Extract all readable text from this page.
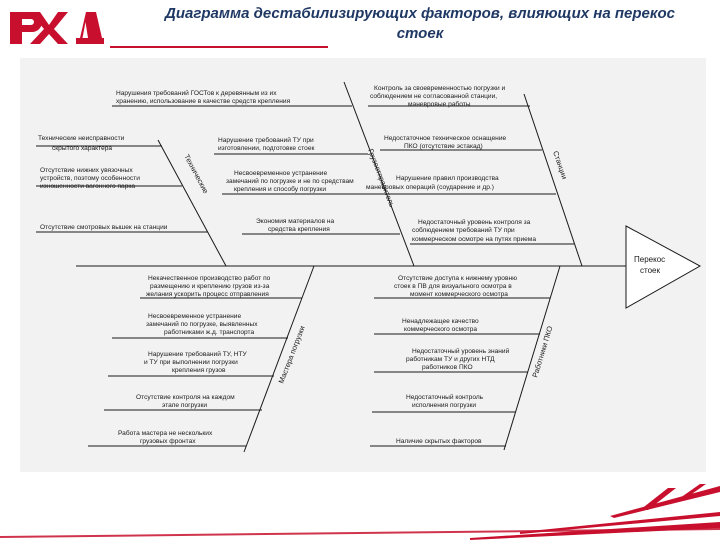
Диаграмма дестабилизирующих факторов, влияющих на перекос
стоек
Перекос
стоек
Технические	Грузоотправитель	Станции
Мастера погрузки	Работники ПКО
Технические неисправности
скрытого характера
Отсутствие нижних увязочных
устройств, поэтому особенности
изношенности вагонного парка
Отсутствие смотровых вышек на станции
Нарушения требований ГОСТов к деревянным из их
хранению, использование в качестве средств крепления
Нарушение требований ТУ при
изготовлении, подготовке стоек
Несвоевременное устранение
замечаний по погрузке и не по средствам
крепления и способу погрузки
Экономия материалов на
средства крепления
Контроль за своевременностью погрузки и
соблюдением не согласованной станции,
маневровые работы
Недостаточное техническое оснащение
ПКО (отсутствие эстакад)
Нарушение правил производства
маневровых операций (соударение и др.)
Недостаточный уровень контроля за
соблюдением требований ТУ при
коммерческом осмотре на путях приема
Некачественное производство работ по
размещению и креплению грузов из-за
желания ускорить процесс отправления
Несвоевременное устранение
замечаний по погрузке, выявленных
работниками ж.д. транспорта
Нарушение требований ТУ, НТУ
и ТУ при выполнении погрузки
крепления грузов
Отсутствие контроля на каждом
этапе погрузки
Работа мастера не нескольких
грузовых фронтах
Отсутствие доступа к нижнему уровню
стоек в ПВ для визуального осмотра в
момент коммерческого осмотра
Ненадлежащее качество
коммерческого осмотра
Недостаточный уровень знаний
работникам ТУ и других НТД
работников ПКО
Недостаточный контроль
исполнения погрузки
Наличие скрытых факторов
